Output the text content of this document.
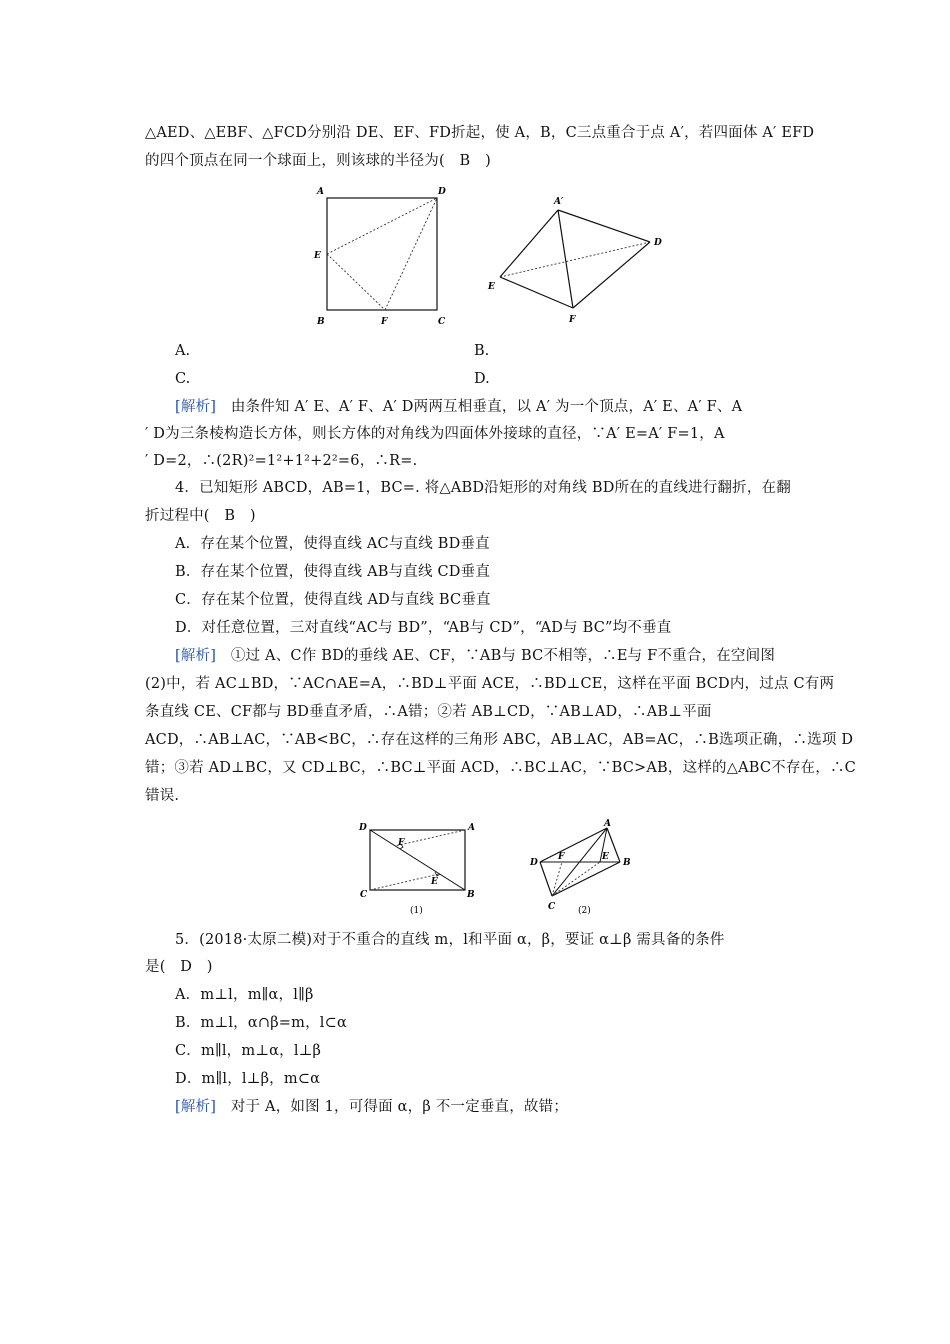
△AED、△EBF、△FCD分别沿 DE、EF、FD折起，使 A，B，C三点重合于点 A′，若四面体 A′ EFD
的四个顶点在同一个球面上，则该球的半径为(　B　)
A	D
E
B	F	C
A′
D
E
F
A.	B.
C.	D.
[解析]　由条件知 A′ E、A′ F、A′ D两两互相垂直，以 A′ 为一个顶点，A′ E、A′ F、A
′ D为三条棱构造长方体，则长方体的对角线为四面体外接球的直径，∵A′ E=A′ F=1，A
′ D=2，∴(2R)²=1²+1²+2²=6，∴R=.
4．已知矩形 ABCD，AB=1，BC=. 将△ABD沿矩形的对角线 BD所在的直线进行翻折，在翻
折过程中(　B　)
A．存在某个位置，使得直线 AC与直线 BD垂直
B．存在某个位置，使得直线 AB与直线 CD垂直
C．存在某个位置，使得直线 AD与直线 BC垂直
D．对任意位置，三对直线“AC与 BD”，“AB与 CD”，“AD与 BC”均不垂直
[解析]　①过 A、C作 BD的垂线 AE、CF，∵AB与 BC不相等，∴E与 F不重合，在空间图
(2)中，若 AC⊥BD，∵AC∩AE=A，∴BD⊥平面 ACE，∴BD⊥CE，这样在平面 BCD内，过点 C有两
条直线 CE、CF都与 BD垂直矛盾，∴A错；②若 AB⊥CD，∵AB⊥AD，∴AB⊥平面
ACD，∴AB⊥AC，∵AB<BC，∴存在这样的三角形 ABC，AB⊥AC，AB=AC，∴B选项正确，∴选项 D
错；③若 AD⊥BC，又 CD⊥BC，∴BC⊥平面 ACD，∴BC⊥AC，∵BC>AB，这样的△ABC不存在，∴C
错误.
D	A
F
E
C	B
(1)
A
D
F	E
B
C	(2)
5．(2018·太原二模)对于不重合的直线 m，l和平面 α，β，要证 α⊥β 需具备的条件
是(　D　)
A．m⊥l，m∥α，l∥β
B．m⊥l，α∩β=m，l⊂α
C．m∥l，m⊥α，l⊥β
D．m∥l，l⊥β，m⊂α
[解析]　对于 A，如图 1，可得面 α，β 不一定垂直，故错；
